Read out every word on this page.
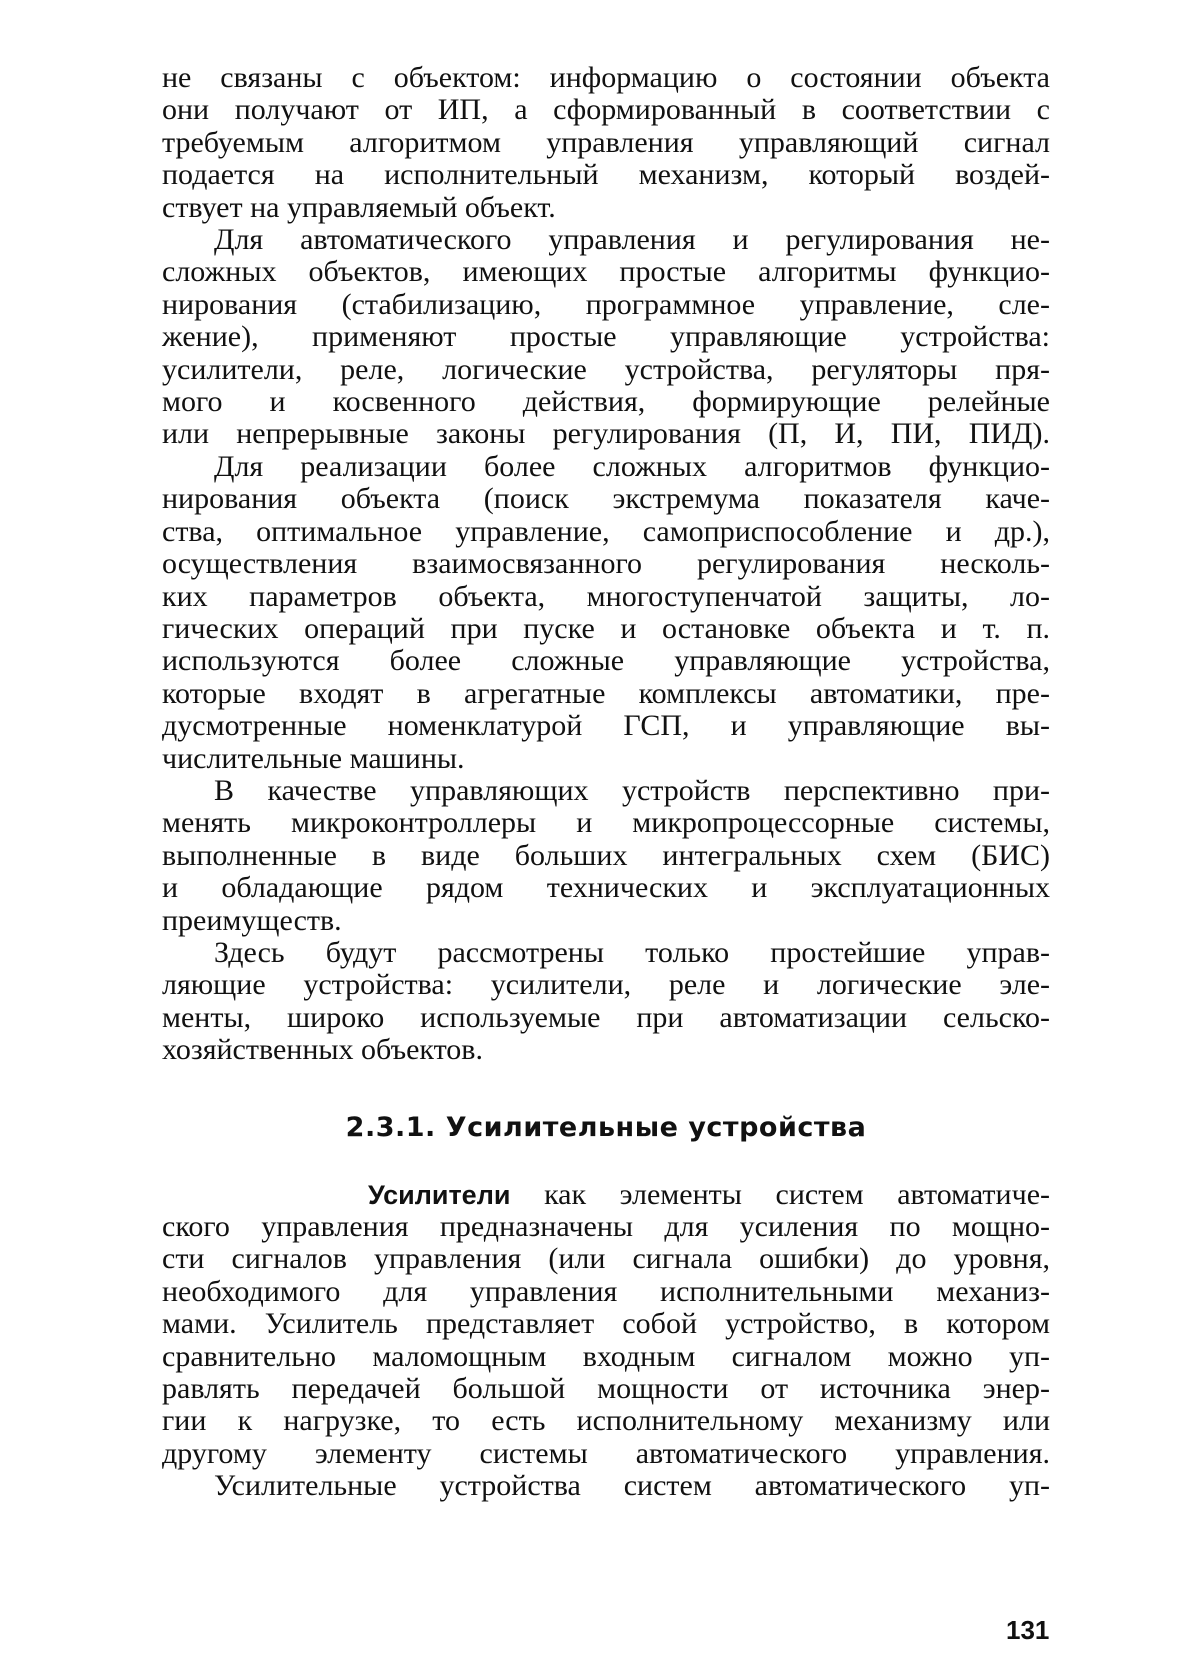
не связаны с объектом: информацию о состоянии объекта
они получают от ИП, а сформированный в соответствии с
требуемым алгоритмом управления управляющий сигнал
подается на исполнительный механизм, который воздей-
ствует на управляемый объект.

Для автоматического управления и регулирования не-
сложных объектов, имеющих простые алгоритмы функцио-
нирования (стабилизацию, программное управление, сле-
жение), применяют простые управляющие устройства:
усилители, реле, логические устройства, регуляторы пря-
мого и косвенного действия, формирующие релейные
или непрерывные законы регулирования (П, И, ПИ, ПИД).

Для реализации более сложных алгоритмов функцио-
нирования объекта (поиск экстремума показателя каче-
ства, оптимальное управление, самоприспособление и др.),
осуществления взаимосвязанного регулирования несколь-
ких параметров объекта, многоступенчатой защиты, ло-
гических операций при пуске и остановке объекта и т. п.
используются более сложные управляющие устройства,
которые входят в агрегатные комплексы автоматики, пре-
дусмотренные номенклатурой ГСП, и управляющие вы-
числительные машины.

В качестве управляющих устройств перспективно при-
менять микроконтроллеры и микропроцессорные системы,
выполненные в виде больших интегральных схем (БИС)
и обладающие рядом технических и эксплуатационных
преимуществ.

Здесь будут рассмотрены только простейшие управ-
ляющие устройства: усилители, реле и логические эле-
менты, широко используемые при автоматизации сельско-
хозяйственных объектов.

2.3.1. Усилительные устройства

Усилители как элементы систем автоматиче-
ского управления предназначены для усиления по мощно-
сти сигналов управления (или сигнала ошибки) до уровня,
необходимого для управления исполнительными механиз-
мами. Усилитель представляет собой устройство, в котором
сравнительно маломощным входным сигналом можно уп-
равлять передачей большой мощности от источника энер-
гии к нагрузке, то есть исполнительному механизму или
другому элементу системы автоматического управления.

Усилительные устройства систем автоматического уп-

131
